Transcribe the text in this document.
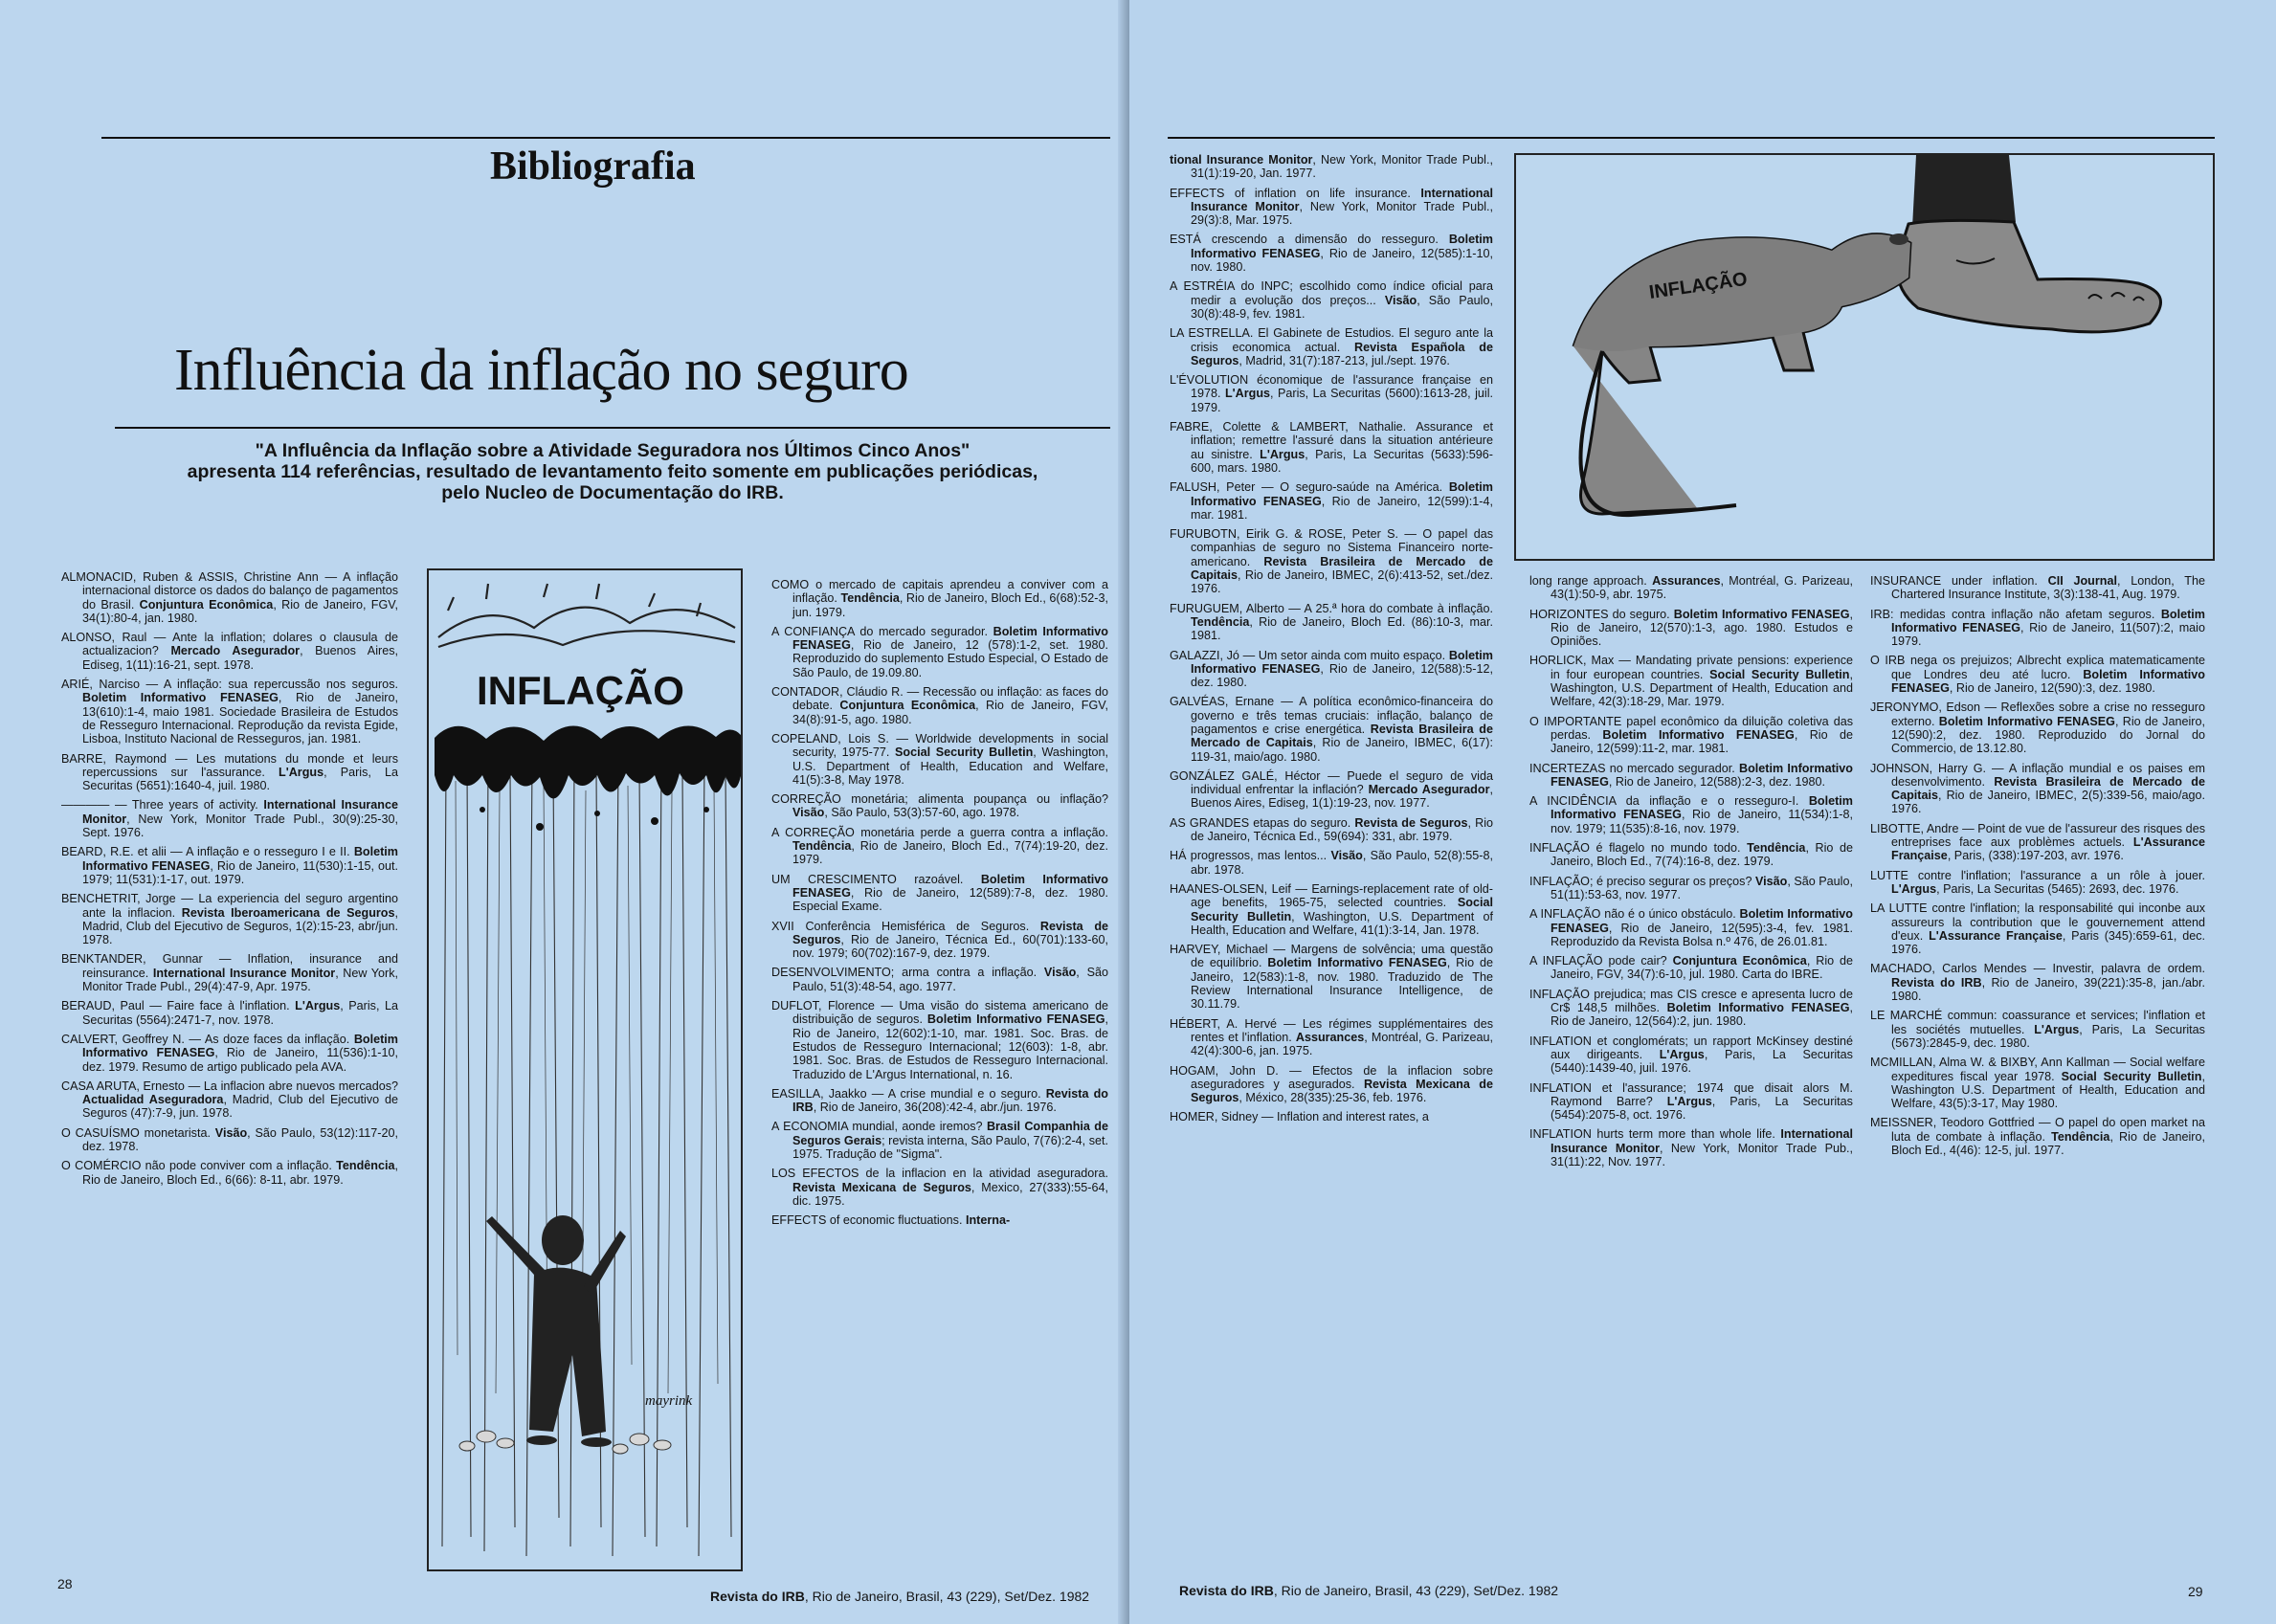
Bibliografia
Influência da inflação no seguro
"A Influência da Inflação sobre a Atividade Seguradora nos Últimos Cinco Anos"
apresenta 114 referências, resultado de levantamento feito somente em publicações periódicas,
pelo Nucleo de Documentação do IRB.
ALMONACID, Ruben & ASSIS, Christine Ann — A inflação internacional distorce os dados do balanço de pagamentos do Brasil. Conjuntura Econômica, Rio de Janeiro, FGV, 34(1):80-4, jan. 1980.
ALONSO, Raul — Ante la inflation; dolares o clausula de actualizacion? Mercado Asegurador, Buenos Aires, Ediseg, 1(11):16-21, sept. 1978.
ARIÉ, Narciso — A inflação: sua repercussão nos seguros. Boletim Informativo FENASEG, Rio de Janeiro, 13(610):1-4, maio 1981. Sociedade Brasileira de Estudos de Resseguro Internacional. Reprodução da revista Egide, Lisboa, Instituto Nacional de Resseguros, jan. 1981.
BARRE, Raymond — Les mutations du monde et leurs repercussions sur l'assurance. L'Argus, Paris, La Securitas (5651):1640-4, juil. 1980.
———— — Three years of activity. International Insurance Monitor, New York, Monitor Trade Publ., 30(9):25-30, Sept. 1976.
BEARD, R.E. et alii — A inflação e o resseguro I e II. Boletim Informativo FENASEG, Rio de Janeiro, 11(530):1-15, out. 1979; 11(531):1-17, out. 1979.
BENCHETRIT, Jorge — La experiencia del seguro argentino ante la inflacion. Revista Iberoamericana de Seguros, Madrid, Club del Ejecutivo de Seguros, 1(2):15-23, abr/jun. 1978.
BENKTANDER, Gunnar — Inflation, insurance and reinsurance. International Insurance Monitor, New York, Monitor Trade Publ., 29(4):47-9, Apr. 1975.
BERAUD, Paul — Faire face à l'inflation. L'Argus, Paris, La Securitas (5564):2471-7, nov. 1978.
CALVERT, Geoffrey N. — As doze faces da inflação. Boletim Informativo FENASEG, Rio de Janeiro, 11(536):1-10, dez. 1979. Resumo de artigo publicado pela AVA.
CASA ARUTA, Ernesto — La inflacion abre nuevos mercados? Actualidad Aseguradora, Madrid, Club del Ejecutivo de Seguros (47):7-9, jun. 1978.
O CASUÍSMO monetarista. Visão, São Paulo, 53(12):117-20, dez. 1978.
O COMÉRCIO não pode conviver com a inflação. Tendência, Rio de Janeiro, Bloch Ed., 6(66): 8-11, abr. 1979.
INFLAÇÃO
mayrink
COMO o mercado de capitais aprendeu a conviver com a inflação. Tendência, Rio de Janeiro, Bloch Ed., 6(68):52-3, jun. 1979.
A CONFIANÇA do mercado segurador. Boletim Informativo FENASEG, Rio de Janeiro, 12 (578):1-2, set. 1980. Reproduzido do suplemento Estudo Especial, O Estado de São Paulo, de 19.09.80.
CONTADOR, Cláudio R. — Recessão ou inflação: as faces do debate. Conjuntura Econômica, Rio de Janeiro, FGV, 34(8):91-5, ago. 1980.
COPELAND, Lois S. — Worldwide developments in social security, 1975-77. Social Security Bulletin, Washington, U.S. Department of Health, Education and Welfare, 41(5):3-8, May 1978.
CORREÇÃO monetária; alimenta poupança ou inflação? Visão, São Paulo, 53(3):57-60, ago. 1978.
A CORREÇÃO monetária perde a guerra contra a inflação. Tendência, Rio de Janeiro, Bloch Ed., 7(74):19-20, dez. 1979.
UM CRESCIMENTO razoável. Boletim Informativo FENASEG, Rio de Janeiro, 12(589):7-8, dez. 1980. Especial Exame.
XVII Conferência Hemisférica de Seguros. Revista de Seguros, Rio de Janeiro, Técnica Ed., 60(701):133-60, nov. 1979; 60(702):167-9, dez. 1979.
DESENVOLVIMENTO; arma contra a inflação. Visão, São Paulo, 51(3):48-54, ago. 1977.
DUFLOT, Florence — Uma visão do sistema americano de distribuição de seguros. Boletim Informativo FENASEG, Rio de Janeiro, 12(602):1-10, mar. 1981. Soc. Bras. de Estudos de Resseguro Internacional; 12(603): 1-8, abr. 1981. Soc. Bras. de Estudos de Resseguro Internacional. Traduzido de L'Argus International, n. 16.
EASILLA, Jaakko — A crise mundial e o seguro. Revista do IRB, Rio de Janeiro, 36(208):42-4, abr./jun. 1976.
A ECONOMIA mundial, aonde iremos? Brasil Companhia de Seguros Gerais; revista interna, São Paulo, 7(76):2-4, set. 1975. Tradução de "Sigma".
LOS EFECTOS de la inflacion en la atividad aseguradora. Revista Mexicana de Seguros, Mexico, 27(333):55-64, dic. 1975.
EFFECTS of economic fluctuations. Interna-
28
Revista do IRB, Rio de Janeiro, Brasil, 43 (229), Set/Dez. 1982
tional Insurance Monitor, New York, Monitor Trade Publ., 31(1):19-20, Jan. 1977.
EFFECTS of inflation on life insurance. International Insurance Monitor, New York, Monitor Trade Publ., 29(3):8, Mar. 1975.
ESTÁ crescendo a dimensão do resseguro. Boletim Informativo FENASEG, Rio de Janeiro, 12(585):1-10, nov. 1980.
A ESTRÉIA do INPC; escolhido como índice oficial para medir a evolução dos preços... Visão, São Paulo, 30(8):48-9, fev. 1981.
LA ESTRELLA. El Gabinete de Estudios. El seguro ante la crisis economica actual. Revista Española de Seguros, Madrid, 31(7):187-213, jul./sept. 1976.
L'ÉVOLUTION économique de l'assurance française en 1978. L'Argus, Paris, La Securitas (5600):1613-28, juil. 1979.
FABRE, Colette & LAMBERT, Nathalie. Assurance et inflation; remettre l'assuré dans la situation antérieure au sinistre. L'Argus, Paris, La Securitas (5633):596-600, mars. 1980.
FALUSH, Peter — O seguro-saúde na América. Boletim Informativo FENASEG, Rio de Janeiro, 12(599):1-4, mar. 1981.
FURUBOTN, Eirik G. & ROSE, Peter S. — O papel das companhias de seguro no Sistema Financeiro norte-americano. Revista Brasileira de Mercado de Capitais, Rio de Janeiro, IBMEC, 2(6):413-52, set./dez. 1976.
FURUGUEM, Alberto — A 25.ª hora do combate à inflação. Tendência, Rio de Janeiro, Bloch Ed. (86):10-3, mar. 1981.
GALAZZI, Jó — Um setor ainda com muito espaço. Boletim Informativo FENASEG, Rio de Janeiro, 12(588):5-12, dez. 1980.
GALVÉAS, Ernane — A política econômico-financeira do governo e três temas cruciais: inflação, balanço de pagamentos e crise energética. Revista Brasileira de Mercado de Capitais, Rio de Janeiro, IBMEC, 6(17): 119-31, maio/ago. 1980.
GONZÁLEZ GALÉ, Héctor — Puede el seguro de vida individual enfrentar la inflación? Mercado Asegurador, Buenos Aires, Ediseg, 1(1):19-23, nov. 1977.
AS GRANDES etapas do seguro. Revista de Seguros, Rio de Janeiro, Técnica Ed., 59(694): 331, abr. 1979.
HÁ progressos, mas lentos... Visão, São Paulo, 52(8):55-8, abr. 1978.
HAANES-OLSEN, Leif — Earnings-replacement rate of old-age benefits, 1965-75, selected countries. Social Security Bulletin, Washington, U.S. Department of Health, Education and Welfare, 41(1):3-14, Jan. 1978.
HARVEY, Michael — Margens de solvência; uma questão de equilíbrio. Boletim Informativo FENASEG, Rio de Janeiro, 12(583):1-8, nov. 1980. Traduzido de The Review International Insurance Intelligence, de 30.11.79.
HÉBERT, A. Hervé — Les régimes supplémentaires des rentes et l'inflation. Assurances, Montréal, G. Parizeau, 42(4):300-6, jan. 1975.
HOGAM, John D. — Efectos de la inflacion sobre aseguradores y asegurados. Revista Mexicana de Seguros, México, 28(335):25-36, feb. 1976.
HOMER, Sidney — Inflation and interest rates, a
INFLAÇÃO
long range approach. Assurances, Montréal, G. Parizeau, 43(1):50-9, abr. 1975.
HORIZONTES do seguro. Boletim Informativo FENASEG, Rio de Janeiro, 12(570):1-3, ago. 1980. Estudos e Opiniões.
HORLICK, Max — Mandating private pensions: experience in four european countries. Social Security Bulletin, Washington, U.S. Department of Health, Education and Welfare, 42(3):18-29, Mar. 1979.
O IMPORTANTE papel econômico da diluição coletiva das perdas. Boletim Informativo FENASEG, Rio de Janeiro, 12(599):11-2, mar. 1981.
INCERTEZAS no mercado segurador. Boletim Informativo FENASEG, Rio de Janeiro, 12(588):2-3, dez. 1980.
A INCIDÊNCIA da inflação e o resseguro-I. Boletim Informativo FENASEG, Rio de Janeiro, 11(534):1-8, nov. 1979; 11(535):8-16, nov. 1979.
INFLAÇÃO é flagelo no mundo todo. Tendência, Rio de Janeiro, Bloch Ed., 7(74):16-8, dez. 1979.
INFLAÇÃO; é preciso segurar os preços? Visão, São Paulo, 51(11):53-63, nov. 1977.
A INFLAÇÃO não é o único obstáculo. Boletim Informativo FENASEG, Rio de Janeiro, 12(595):3-4, fev. 1981. Reproduzido da Revista Bolsa n.º 476, de 26.01.81.
A INFLAÇÃO pode cair? Conjuntura Econômica, Rio de Janeiro, FGV, 34(7):6-10, jul. 1980. Carta do IBRE.
INFLAÇÃO prejudica; mas CIS cresce e apresenta lucro de Cr$ 148,5 milhões. Boletim Informativo FENASEG, Rio de Janeiro, 12(564):2, jun. 1980.
INFLATION et conglomérats; un rapport McKinsey destiné aux dirigeants. L'Argus, Paris, La Securitas (5440):1439-40, juil. 1976.
INFLATION et l'assurance; 1974 que disait alors M. Raymond Barre? L'Argus, Paris, La Securitas (5454):2075-8, oct. 1976.
INFLATION hurts term more than whole life. International Insurance Monitor, New York, Monitor Trade Pub., 31(11):22, Nov. 1977.
INSURANCE under inflation. CII Journal, London, The Chartered Insurance Institute, 3(3):138-41, Aug. 1979.
IRB: medidas contra inflação não afetam seguros. Boletim Informativo FENASEG, Rio de Janeiro, 11(507):2, maio 1979.
O IRB nega os prejuizos; Albrecht explica matematicamente que Londres deu até lucro. Boletim Informativo FENASEG, Rio de Janeiro, 12(590):3, dez. 1980.
JERONYMO, Edson — Reflexões sobre a crise no resseguro externo. Boletim Informativo FENASEG, Rio de Janeiro, 12(590):2, dez. 1980. Reproduzido do Jornal do Commercio, de 13.12.80.
JOHNSON, Harry G. — A inflação mundial e os paises em desenvolvimento. Revista Brasileira de Mercado de Capitais, Rio de Janeiro, IBMEC, 2(5):339-56, maio/ago. 1976.
LIBOTTE, Andre — Point de vue de l'assureur des risques des entreprises face aux problèmes actuels. L'Assurance Française, Paris, (338):197-203, avr. 1976.
LUTTE contre l'inflation; l'assurance a un rôle à jouer. L'Argus, Paris, La Securitas (5465): 2693, dec. 1976.
LA LUTTE contre l'inflation; la responsabilité qui inconbe aux assureurs la contribution que le gouvernement attend d'eux. L'Assurance Française, Paris (345):659-61, dec. 1976.
MACHADO, Carlos Mendes — Investir, palavra de ordem. Revista do IRB, Rio de Janeiro, 39(221):35-8, jan./abr. 1980.
LE MARCHÉ commun: coassurance et services; l'inflation et les sociétés mutuelles. L'Argus, Paris, La Securitas (5673):2845-9, dec. 1980.
MCMILLAN, Alma W. & BIXBY, Ann Kallman — Social welfare expeditures fiscal year 1978. Social Security Bulletin, Washington U.S. Department of Health, Education and Welfare, 43(5):3-17, May 1980.
MEISSNER, Teodoro Gottfried — O papel do open market na luta de combate à inflação. Tendência, Rio de Janeiro, Bloch Ed., 4(46): 12-5, jul. 1977.
Revista do IRB, Rio de Janeiro, Brasil, 43 (229), Set/Dez. 1982	29
